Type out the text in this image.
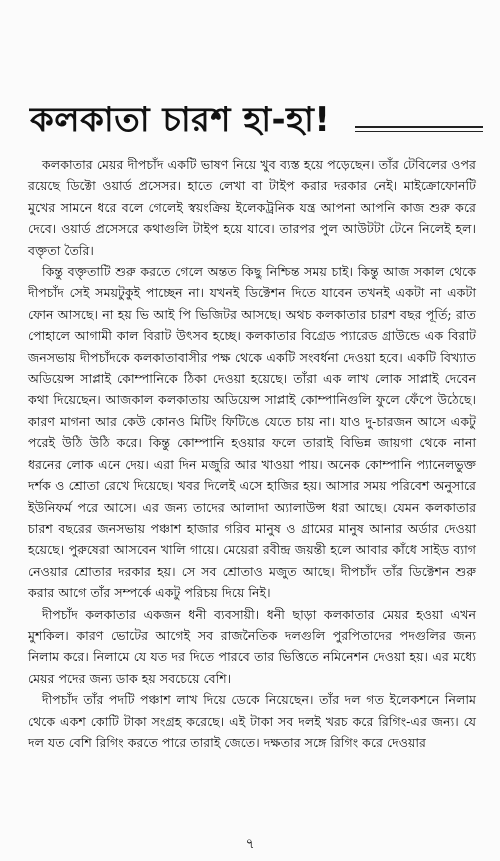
কলকাতা চারশ হা-হা!

কলকাতার মেয়র দীপচাঁদ একটি ভাষণ নিয়ে খুব ব্যস্ত হয়ে পড়েছেন। তাঁর টেবিলের ওপর রয়েছে ডিক্টো ওয়ার্ড প্রসেসর। হাতে লেখা বা টাইপ করার দরকার নেই। মাইক্রোফোনটি মুখের সামনে ধরে বলে গেলেই স্বয়ংক্রিয় ইলেকট্রনিক যন্ত্র আপনা আপনি কাজ শুরু করে দেবে। ওয়ার্ড প্রসেসরে কথাগুলি টাইপ হয়ে যাবে। তারপর পুল আউটটা টেনে নিলেই হল। বক্তৃতা তৈরি।

কিন্তু বক্তৃতাটি শুরু করতে গেলে অন্তত কিছু নিশ্চিন্ত সময় চাই। কিন্তু আজ সকাল থেকে দীপচাঁদ সেই সময়টুকুই পাচ্ছেন না। যখনই ডিক্টেশন দিতে যাবেন তখনই একটা না একটা ফোন আসছে। না হয় ভি আই পি ভিজিটর আসছে। অথচ কলকাতার চারশ বছর পূর্তি; রাত পোহালে আগামী কাল বিরাট উৎসব হচ্ছে। কলকাতার বিগ্রেড প্যারেড গ্রাউন্ডে এক বিরাট জনসভায় দীপচাঁদকে কলকাতাবাসীর পক্ষ থেকে একটি সংবর্ধনা দেওয়া হবে। একটি বিখ্যাত অডিয়েন্স সাপ্লাই কোম্পানিকে ঠিকা দেওয়া হয়েছে। তাঁরা এক লাখ লোক সাপ্লাই দেবেন কথা দিয়েছেন। আজকাল কলকাতায় অডিয়েন্স সাপ্লাই কোম্পানিগুলি ফুলে ফেঁপে উঠেছে। কারণ মাগনা আর কেউ কোনও মিটিং ফিটিঙে যেতে চায় না। যাও দু-চারজন আসে একটু পরেই উঠি উঠি করে। কিন্তু কোম্পানি হওয়ার ফলে তারাই বিভিন্ন জায়গা থেকে নানা ধরনের লোক এনে দেয়। এরা দিন মজুরি আর খাওয়া পায়। অনেক কোম্পানি প্যানেলভুক্ত দর্শক ও শ্রোতা রেখে দিয়েছে। খবর দিলেই এসে হাজির হয়। আসার সময় পরিবেশ অনুসারে ইউনিফর্ম পরে আসে। এর জন্য তাদের আলাদা অ্যালাউন্স ধরা আছে। যেমন কলকাতার চারশ বছরের জনসভায় পঞ্চাশ হাজার গরিব মানুষ ও গ্রামের মানুষ আনার অর্ডার দেওয়া হয়েছে। পুরুষেরা আসবেন খালি গায়ে। মেয়েরা রবীন্দ্র জয়ন্তী হলে আবার কাঁধে সাইড ব্যাগ নেওয়ার শ্রোতার দরকার হয়। সে সব শ্রোতাও মজুত আছে। দীপচাঁদ তাঁর ডিক্টেশন শুরু করার আগে তাঁর সম্পর্কে একটু পরিচয় দিয়ে নিই।

দীপচাঁদ কলকাতার একজন ধনী ব্যবসায়ী। ধনী ছাড়া কলকাতার মেয়র হওয়া এখন মুশকিল। কারণ ভোটের আগেই সব রাজনৈতিক দলগুলি পুরপিতাদের পদগুলির জন্য নিলাম করে। নিলামে যে যত দর দিতে পারবে তার ভিত্তিতে নমিনেশন দেওয়া হয়। এর মধ্যে মেয়র পদের জন্য ডাক হয় সবচেয়ে বেশি।

দীপচাঁদ তাঁর পদটি পঞ্চাশ লাখ দিয়ে ডেকে নিয়েছেন। তাঁর দল গত ইলেকশনে নিলাম থেকে একশ কোটি টাকা সংগ্রহ করেছে। এই টাকা সব দলই খরচ করে রিগিং-এর জন্য। যে দল যত বেশি রিগিং করতে পারে তারাই জেতে। দক্ষতার সঙ্গে রিগিং করে দেওয়ার

৭
